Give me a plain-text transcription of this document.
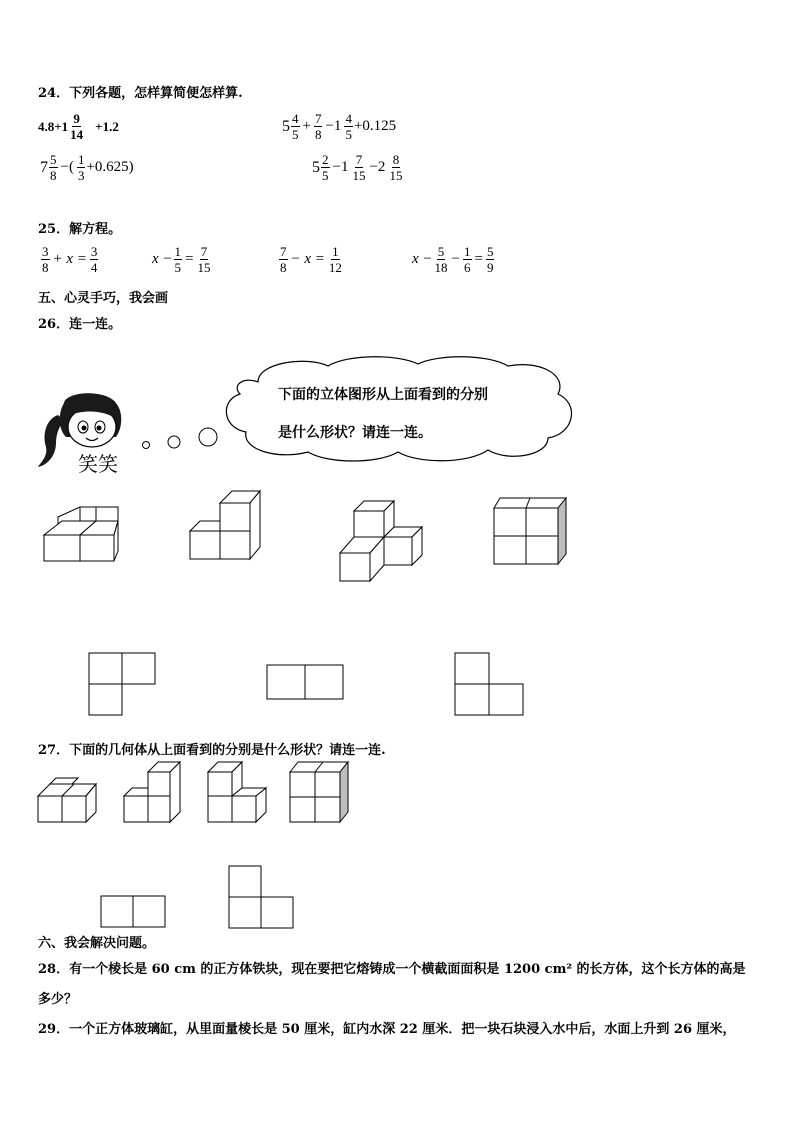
24．下列各题，怎样算简便怎样算.
$4.8+1 \frac{9}{14} +1.2$	$5 \frac{4}{5} + \frac{7}{8} -1 \frac{4}{5} +0.125$
$7 \frac{5}{8}$ −( $\frac{1}{3} +0.625$)	$5 \frac{2}{5} -1 \frac{7}{15} -2 \frac{8}{15}$
25．解方程。
$\frac{3}{8} + x = \frac{3}{4}$	$x - \frac{1}{5} = \frac{7}{15}$	$\frac{7}{8} - x = \frac{1}{12}$	$x - \frac{5}{18} - \frac{1}{6} = \frac{5}{9}$
五、心灵手巧，我会画
26．连一连。
笑笑
下面的立体图形从上面看到的分别
是什么形状？请连一连。
27．下面的几何体从上面看到的分别是什么形状？请连一连.
六、我会解决问题。
28．有一个棱长是 60 cm 的正方体铁块，现在要把它熔铸成一个横截面面积是 1200 cm² 的长方体，这个长方体的高是
多少？
29．一个正方体玻璃缸，从里面量棱长是 50 厘米，缸内水深 22 厘米．把一块石块浸入水中后，水面上升到 26 厘米，
